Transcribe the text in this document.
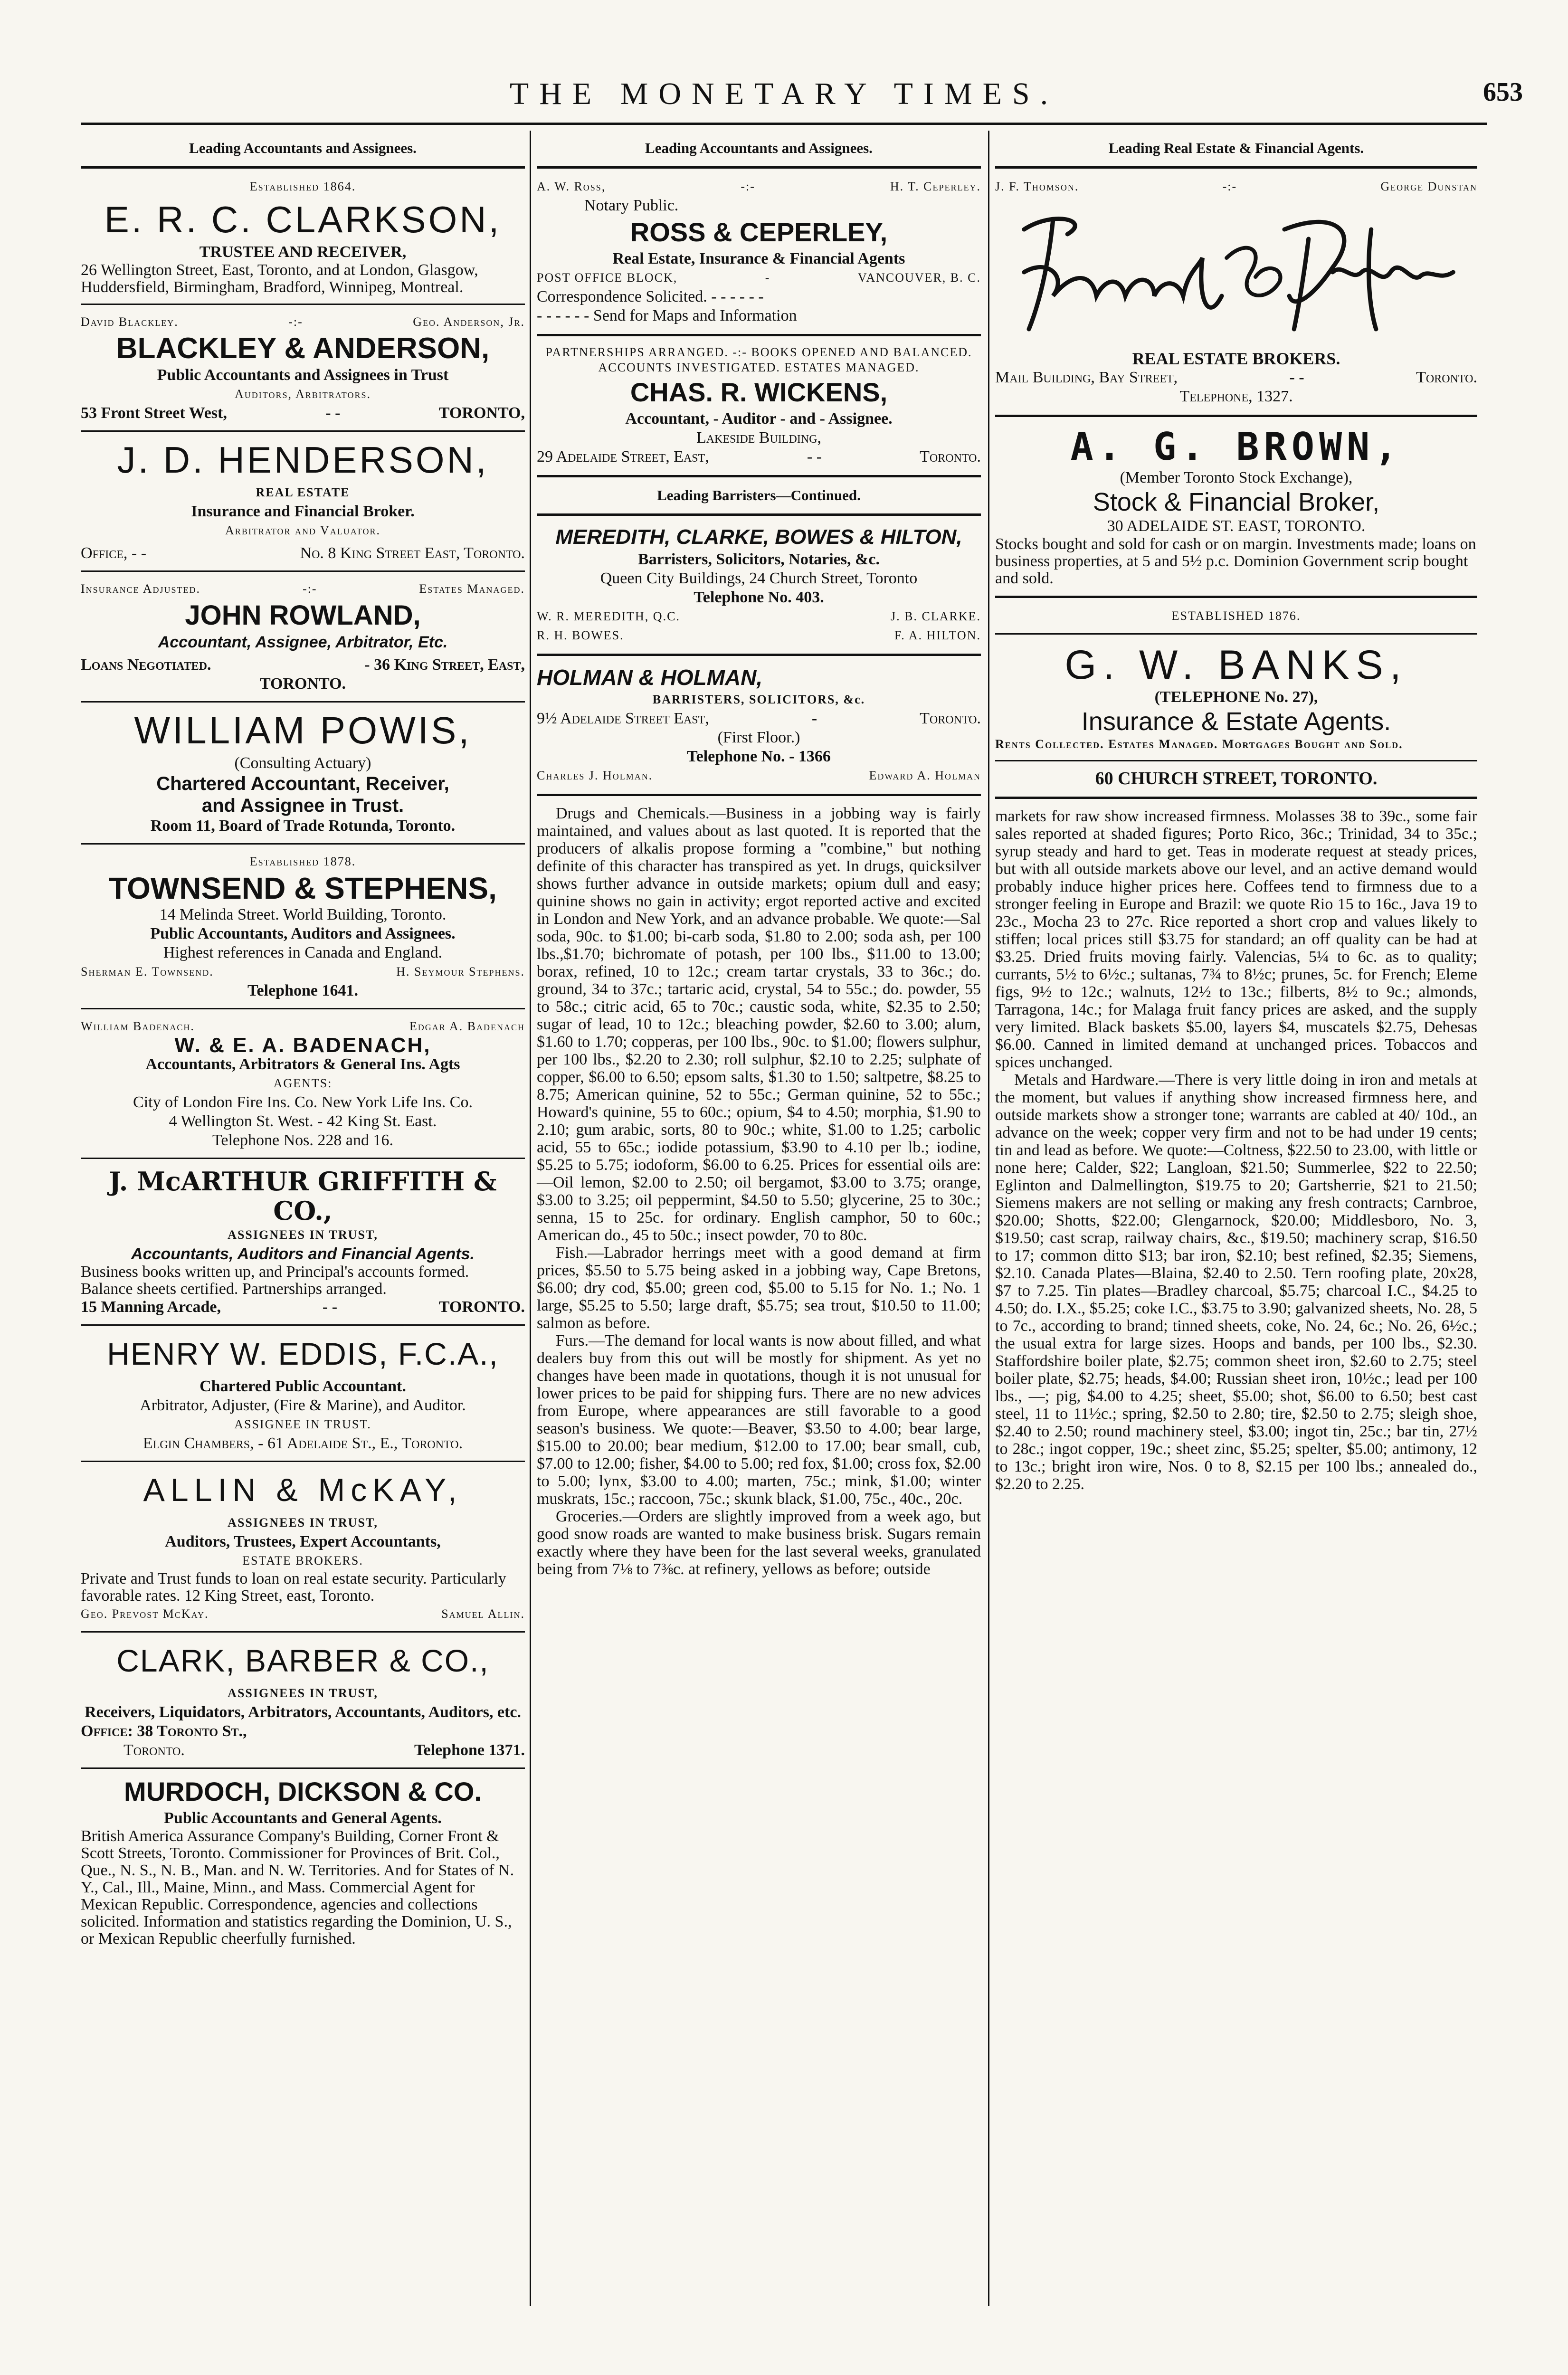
THE MONETARY TIMES.	653
Leading Accountants and Assignees.
Established 1864.
E. R. C. CLARKSON,
TRUSTEE AND RECEIVER,
26 Wellington Street, East, Toronto, and at London, Glasgow, Huddersfield, Birmingham, Bradford, Winnipeg, Montreal.
David Blackley.	-:-	Geo. Anderson, Jr.
BLACKLEY & ANDERSON,
Public Accountants and Assignees in Trust
Auditors, Arbitrators.
53 Front Street West,	- -	TORONTO,
J. D. HENDERSON,
REAL ESTATE
Insurance and Financial Broker.
Arbitrator and Valuator.
Office, - -	No. 8 King Street East, Toronto.
Insurance Adjusted.	-:-	Estates Managed.
JOHN ROWLAND,
Accountant, Assignee, Arbitrator, Etc.
Loans Negotiated.	- 36 King Street, East,
TORONTO.
WILLIAM POWIS,
(Consulting Actuary)
Chartered Accountant, Receiver,
and Assignee in Trust.
Room 11, Board of Trade Rotunda, Toronto.
Established 1878.
TOWNSEND & STEPHENS,
14 Melinda Street. World Building, Toronto.
Public Accountants, Auditors and Assignees.
Highest references in Canada and England.
Sherman E. Townsend.	H. Seymour Stephens.
Telephone 1641.
William Badenach.	Edgar A. Badenach
W. & E. A. BADENACH,
Accountants, Arbitrators & General Ins. Agts
AGENTS:
City of London Fire Ins. Co. New York Life Ins. Co.
4 Wellington St. West. - 42 King St. East.
Telephone Nos. 228 and 16.
J. McARTHUR GRIFFITH & CO.,
ASSIGNEES IN TRUST,
Accountants, Auditors and Financial Agents.
Business books written up, and Principal's accounts formed. Balance sheets certified. Partnerships arranged.
15 Manning Arcade,	- -	TORONTO.
HENRY W. EDDIS, F.C.A.,
Chartered Public Accountant.
Arbitrator, Adjuster, (Fire & Marine), and Auditor.
ASSIGNEE IN TRUST.
Elgin Chambers, - 61 Adelaide St., E., Toronto.
ALLIN & McKAY,
ASSIGNEES IN TRUST,
Auditors, Trustees, Expert Accountants,
ESTATE BROKERS.
Private and Trust funds to loan on real estate security. Particularly favorable rates. 12 King Street, east, Toronto.
Geo. Prevost McKay.	Samuel Allin.
CLARK, BARBER & CO.,
ASSIGNEES IN TRUST,
Receivers, Liquidators, Arbitrators, Accountants, Auditors, etc.
Office: 38 Toronto St.,
Toronto.	Telephone 1371.
MURDOCH, DICKSON & CO.
Public Accountants and General Agents.
British America Assurance Company's Building, Corner Front & Scott Streets, Toronto. Commissioner for Provinces of Brit. Col., Que., N. S., N. B., Man. and N. W. Territories. And for States of N. Y., Cal., Ill., Maine, Minn., and Mass. Commercial Agent for Mexican Republic. Correspondence, agencies and collections solicited. Information and statistics regarding the Dominion, U. S., or Mexican Republic cheerfully furnished.
Leading Accountants and Assignees.
A. W. Ross,	-:-	H. T. Ceperley.
Notary Public.
ROSS & CEPERLEY,
Real Estate, Insurance & Financial Agents
POST OFFICE BLOCK,	-	VANCOUVER, B. C.
Correspondence Solicited. - - - - - -
- - - - - - Send for Maps and Information
PARTNERSHIPS ARRANGED. -:- BOOKS OPENED AND BALANCED. ACCOUNTS INVESTIGATED. ESTATES MANAGED.
CHAS. R. WICKENS,
Accountant, - Auditor - and - Assignee.
Lakeside Building,
29 Adelaide Street, East,	- -	Toronto.
Leading Barristers—Continued.
MEREDITH, CLARKE, BOWES & HILTON,
Barristers, Solicitors, Notaries, &c.
Queen City Buildings, 24 Church Street, Toronto
Telephone No. 403.
W. R. MEREDITH, Q.C.	J. B. CLARKE.
R. H. BOWES.	F. A. HILTON.
HOLMAN & HOLMAN,
BARRISTERS, SOLICITORS, &c.
9½ Adelaide Street East,	-	Toronto.
(First Floor.)
Telephone No. - 1366
Charles J. Holman.	Edward A. Holman

Drugs and Chemicals.—Business in a jobbing way is fairly maintained, and values about as last quoted. It is reported that the producers of alkalis propose forming a "combine," but nothing definite of this character has transpired as yet. In drugs, quicksilver shows further advance in outside markets; opium dull and easy; quinine shows no gain in activity; ergot reported active and excited in London and New York, and an advance probable. We quote:—Sal soda, 90c. to $1.00; bi-carb soda, $1.80 to 2.00; soda ash, per 100 lbs.,$1.70; bichromate of potash, per 100 lbs., $11.00 to 13.00; borax, refined, 10 to 12c.; cream tartar crystals, 33 to 36c.; do. ground, 34 to 37c.; tartaric acid, crystal, 54 to 55c.; do. powder, 55 to 58c.; citric acid, 65 to 70c.; caustic soda, white, $2.35 to 2.50; sugar of lead, 10 to 12c.; bleaching powder, $2.60 to 3.00; alum, $1.60 to 1.70; copperas, per 100 lbs., 90c. to $1.00; flowers sulphur, per 100 lbs., $2.20 to 2.30; roll sulphur, $2.10 to 2.25; sulphate of copper, $6.00 to 6.50; epsom salts, $1.30 to 1.50; saltpetre, $8.25 to 8.75; American quinine, 52 to 55c.; German quinine, 52 to 55c.; Howard's quinine, 55 to 60c.; opium, $4 to 4.50; morphia, $1.90 to 2.10; gum arabic, sorts, 80 to 90c.; white, $1.00 to 1.25; carbolic acid, 55 to 65c.; iodide potassium, $3.90 to 4.10 per lb.; iodine, $5.25 to 5.75; iodoform, $6.00 to 6.25. Prices for essential oils are:—Oil lemon, $2.00 to 2.50; oil bergamot, $3.00 to 3.75; orange, $3.00 to 3.25; oil peppermint, $4.50 to 5.50; glycerine, 25 to 30c.; senna, 15 to 25c. for ordinary. English camphor, 50 to 60c.; American do., 45 to 50c.; insect powder, 70 to 80c.

Fish.—Labrador herrings meet with a good demand at firm prices, $5.50 to 5.75 being asked in a jobbing way, Cape Bretons, $6.00; dry cod, $5.00; green cod, $5.00 to 5.15 for No. 1.; No. 1 large, $5.25 to 5.50; large draft, $5.75; sea trout, $10.50 to 11.00; salmon as before.

Furs.—The demand for local wants is now about filled, and what dealers buy from this out will be mostly for shipment. As yet no changes have been made in quotations, though it is not unusual for lower prices to be paid for shipping furs. There are no new advices from Europe, where appearances are still favorable to a good season's business. We quote:—Beaver, $3.50 to 4.00; bear large, $15.00 to 20.00; bear medium, $12.00 to 17.00; bear small, cub, $7.00 to 12.00; fisher, $4.00 to 5.00; red fox, $1.00; cross fox, $2.00 to 5.00; lynx, $3.00 to 4.00; marten, 75c.; mink, $1.00; winter muskrats, 15c.; raccoon, 75c.; skunk black, $1.00, 75c., 40c., 20c.

Groceries.—Orders are slightly improved from a week ago, but good snow roads are wanted to make business brisk. Sugars remain exactly where they have been for the last several weeks, granulated being from 7⅛ to 7⅜c. at refinery, yellows as before; outside

Leading Real Estate & Financial Agents.
J. F. Thomson.	-:-	George Dunstan
REAL ESTATE BROKERS.
Mail Building, Bay Street,	- -	Toronto.
Telephone, 1327.
A. G. BROWN,
(Member Toronto Stock Exchange),
Stock & Financial Broker,
30 ADELAIDE ST. EAST, TORONTO.
Stocks bought and sold for cash or on margin. Investments made; loans on business properties, at 5 and 5½ p.c. Dominion Government scrip bought and sold.
ESTABLISHED 1876.
G. W. BANKS,
(TELEPHONE No. 27),
Insurance & Estate Agents.
Rents Collected. Estates Managed. Mortgages Bought and Sold.
60 CHURCH STREET, TORONTO.

markets for raw show increased firmness. Molasses 38 to 39c., some fair sales reported at shaded figures; Porto Rico, 36c.; Trinidad, 34 to 35c.; syrup steady and hard to get. Teas in moderate request at steady prices, but with all outside markets above our level, and an active demand would probably induce higher prices here. Coffees tend to firmness due to a stronger feeling in Europe and Brazil: we quote Rio 15 to 16c., Java 19 to 23c., Mocha 23 to 27c. Rice reported a short crop and values likely to stiffen; local prices still $3.75 for standard; an off quality can be had at $3.25. Dried fruits moving fairly. Valencias, 5¼ to 6c. as to quality; currants, 5½ to 6½c.; sultanas, 7¾ to 8½c; prunes, 5c. for French; Eleme figs, 9½ to 12c.; walnuts, 12½ to 13c.; filberts, 8½ to 9c.; almonds, Tarragona, 14c.; for Malaga fruit fancy prices are asked, and the supply very limited. Black baskets $5.00, layers $4, muscatels $2.75, Dehesas $6.00. Canned in limited demand at unchanged prices. Tobaccos and spices unchanged.

Metals and Hardware.—There is very little doing in iron and metals at the moment, but values if anything show increased firmness here, and outside markets show a stronger tone; warrants are cabled at 40/ 10d., an advance on the week; copper very firm and not to be had under 19 cents; tin and lead as before. We quote:—Coltness, $22.50 to 23.00, with little or none here; Calder, $22; Langloan, $21.50; Summerlee, $22 to 22.50; Eglinton and Dalmellington, $19.75 to 20; Gartsherrie, $21 to 21.50; Siemens makers are not selling or making any fresh contracts; Carnbroe, $20.00; Shotts, $22.00; Glengarnock, $20.00; Middlesboro, No. 3, $19.50; cast scrap, railway chairs, &c., $19.50; machinery scrap, $16.50 to 17; common ditto $13; bar iron, $2.10; best refined, $2.35; Siemens, $2.10. Canada Plates—Blaina, $2.40 to 2.50. Tern roofing plate, 20x28, $7 to 7.25. Tin plates—Bradley charcoal, $5.75; charcoal I.C., $4.25 to 4.50; do. I.X., $5.25; coke I.C., $3.75 to 3.90; galvanized sheets, No. 28, 5 to 7c., according to brand; tinned sheets, coke, No. 24, 6c.; No. 26, 6½c.; the usual extra for large sizes. Hoops and bands, per 100 lbs., $2.30. Staffordshire boiler plate, $2.75; common sheet iron, $2.60 to 2.75; steel boiler plate, $2.75; heads, $4.00; Russian sheet iron, 10½c.; lead per 100 lbs., —; pig, $4.00 to 4.25; sheet, $5.00; shot, $6.00 to 6.50; best cast steel, 11 to 11½c.; spring, $2.50 to 2.80; tire, $2.50 to 2.75; sleigh shoe, $2.40 to 2.50; round machinery steel, $3.00; ingot tin, 25c.; bar tin, 27½ to 28c.; ingot copper, 19c.; sheet zinc, $5.25; spelter, $5.00; antimony, 12 to 13c.; bright iron wire, Nos. 0 to 8, $2.15 per 100 lbs.; annealed do., $2.20 to 2.25.
